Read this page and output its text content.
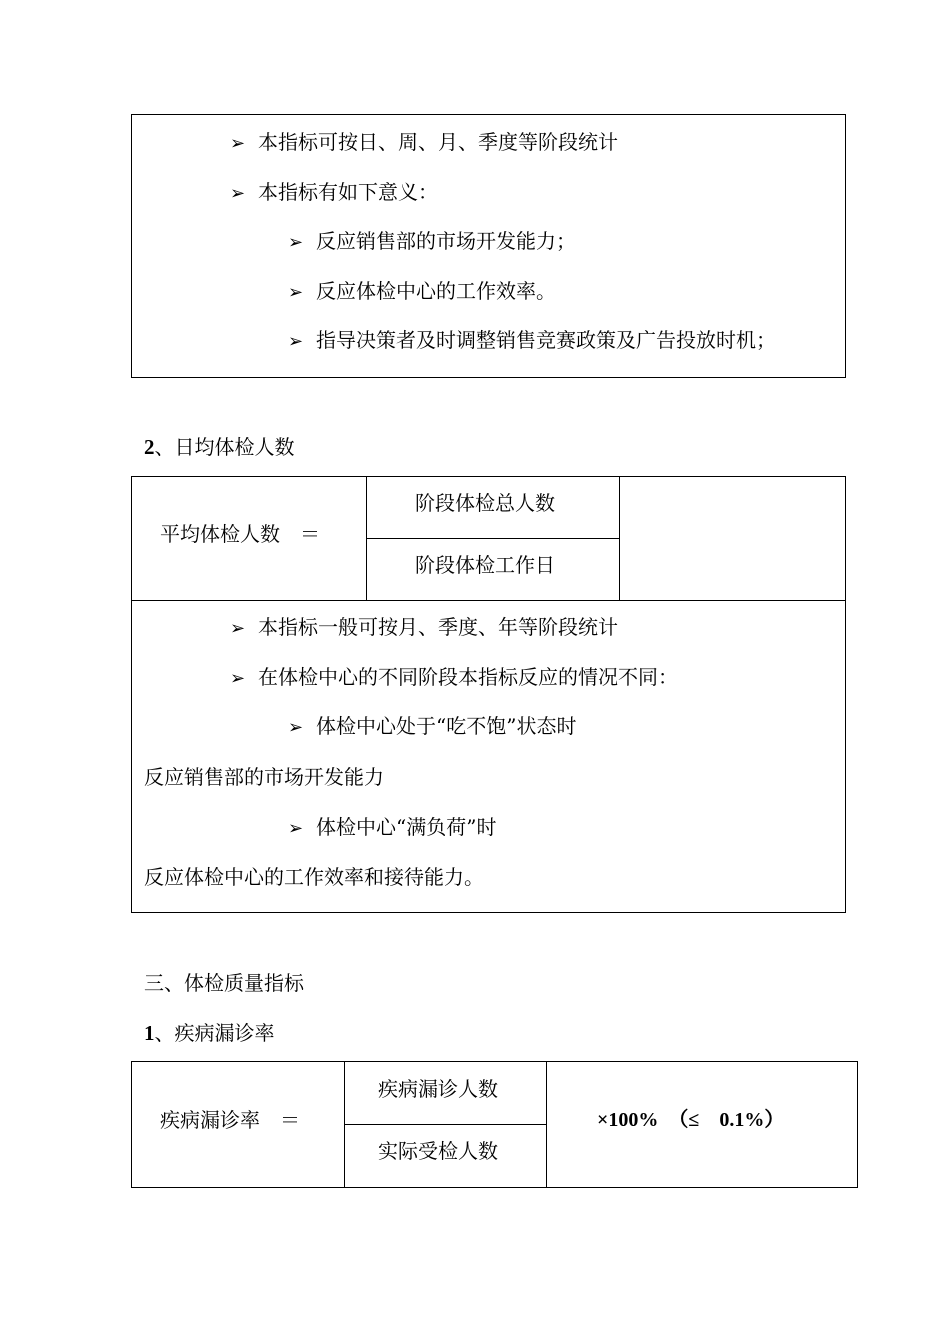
➢ 本指标可按日、周、月、季度等阶段统计
➢ 本指标有如下意义：
➢ 反应销售部的市场开发能力；
➢ 反应体检中心的工作效率。
➢ 指导决策者及时调整销售竞赛政策及广告投放时机；
2、日均体检人数
平均体检人数　＝
阶段体检总人数
阶段体检工作日
➢ 本指标一般可按月、季度、年等阶段统计
➢ 在体检中心的不同阶段本指标反应的情况不同：
➢ 体检中心处于“吃不饱”状态时
反应销售部的市场开发能力
➢ 体检中心“满负荷”时
反应体检中心的工作效率和接待能力。
三、体检质量指标
1、疾病漏诊率
疾病漏诊率　＝
疾病漏诊人数
实际受检人数
×100%　（≤　0.1%）
